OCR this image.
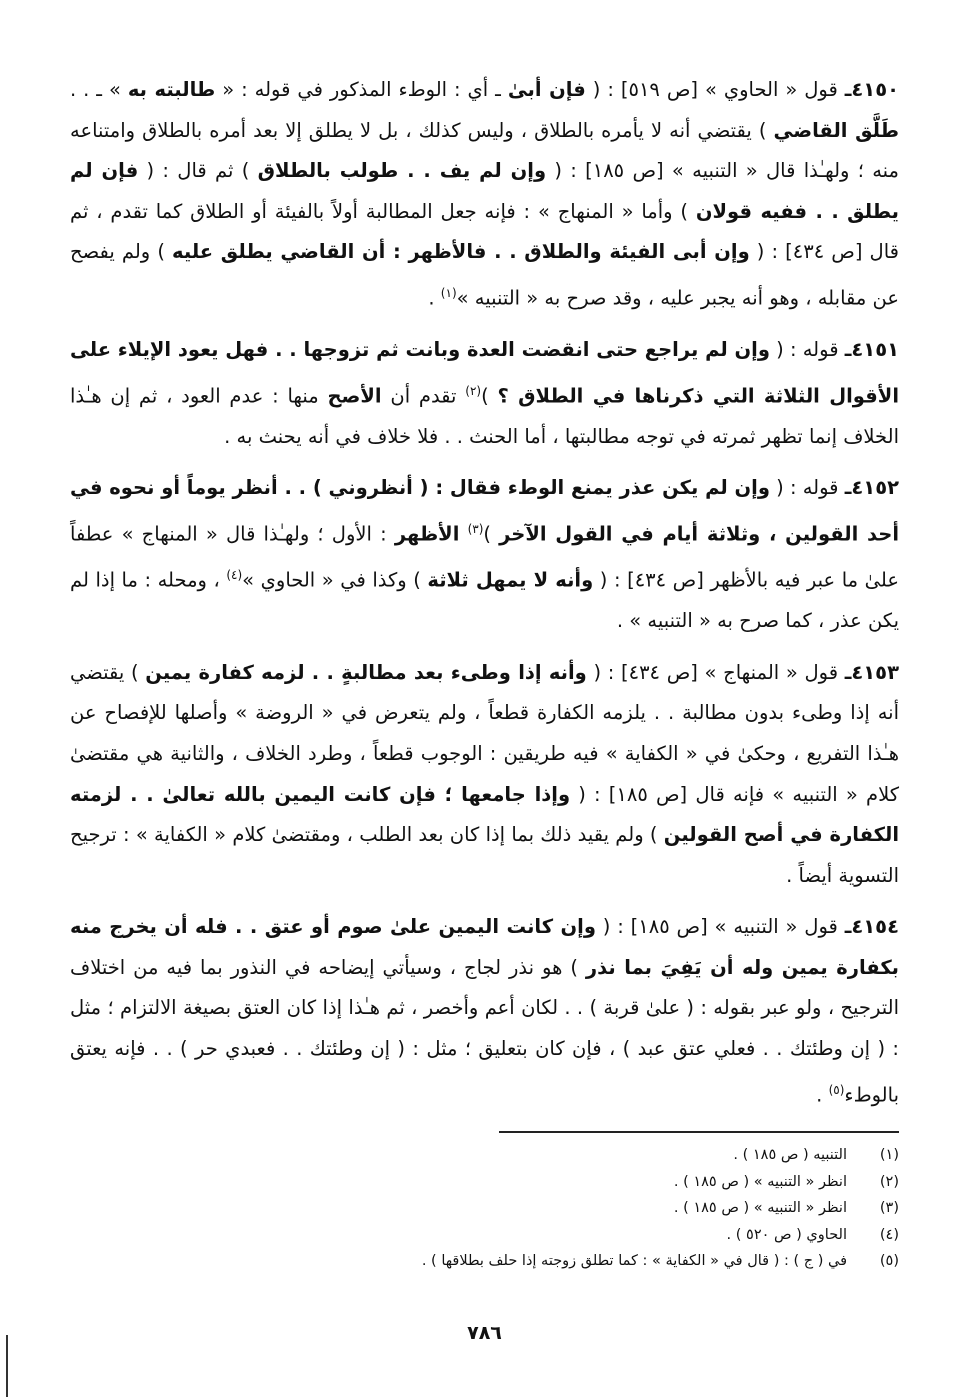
٤١٥٠ـ قول « الحاوي » [ص ٥١٩] : ( فإن أبىٰ ـ أي : الوطء المذكور في قوله : « طالبته به » ـ . . طَلَّق القاضي ) يقتضي أنه لا يأمره بالطلاق ، وليس كذلك ، بل لا يطلق إلا بعد أمره بالطلاق وامتناعه منه ؛ ولهـٰذا قال « التنبيه » [ص ١٨٥] : ( وإن لم يف . . طولب بالطلاق ) ثم قال : ( فإن لم يطلق . . ففيه قولان ) وأما « المنهاج » : فإنه جعل المطالبة أولاً بالفيئة أو الطلاق كما تقدم ، ثم قال [ص ٤٣٤] : ( وإن أبى الفيئة والطلاق . . فالأظهر : أن القاضي يطلق عليه ) ولم يفصح عن مقابله ، وهو أنه يجبر عليه ، وقد صرح به « التنبيه »$^{(١)}$ .

٤١٥١ـ قوله : ( وإن لم يراجع حتى انقضت العدة وبانت ثم تزوجها . . فهل يعود الإيلاء على الأقوال الثلاثة التي ذكرناها في الطلاق ؟ )$^{(٢)}$ تقدم أن الأصح منها : عدم العود ، ثم إن هـٰذا الخلاف إنما تظهر ثمرته في توجه مطالبتها ، أما الحنث . . فلا خلاف في أنه يحنث به .

٤١٥٢ـ قوله : ( وإن لم يكن عذر يمنع الوطء فقال : ( أنظروني ) . . أنظر يوماً أو نحوه في أحد القولين ، وثلاثة أيام في القول الآخر )$^{(٣)}$ الأظهر : الأول ؛ ولهـٰذا قال « المنهاج » عطفاً علىٰ ما عبر فيه بالأظهر [ص ٤٣٤] : ( وأنه لا يمهل ثلاثة ) وكذا في « الحاوي »$^{(٤)}$ ، ومحله : ما إذا لم يكن عذر ، كما صرح به « التنبيه » .

٤١٥٣ـ قول « المنهاج » [ص ٤٣٤] : ( وأنه إذا وطىء بعد مطالبةٍ . . لزمه كفارة يمين ) يقتضي أنه إذا وطىء بدون مطالبة . . يلزمه الكفارة قطعاً ، ولم يتعرض في « الروضة » وأصلها للإفصاح عن هـٰذا التفريع ، وحكىٰ في « الكفاية » فيه طريقين : الوجوب قطعاً ، وطرد الخلاف ، والثانية هي مقتضىٰ كلام « التنبيه » فإنه قال [ص ١٨٥] : ( وإذا جامعها ؛ فإن كانت اليمين بالله تعالىٰ . . لزمته الكفارة في أصح القولين ) ولم يقيد ذلك بما إذا كان بعد الطلب ، ومقتضىٰ كلام « الكفاية » : ترجيح التسوية أيضاً .

٤١٥٤ـ قول « التنبيه » [ص ١٨٥] : ( وإن كانت اليمين علىٰ صوم أو عتق . . فله أن يخرج منه بكفارة يمين وله أن يَفِيَ بما نذر ) هو نذر لجاج ، وسيأتي إيضاحه في النذور بما فيه من اختلاف الترجيح ، ولو عبر بقوله : ( علىٰ قربة ) . . لكان أعم وأخصر ، ثم هـٰذا إذا كان العتق بصيغة الالتزام ؛ مثل : ( إن وطئتك . . فعلي عتق عبد ) ، فإن كان بتعليق ؛ مثل : ( إن وطئتك . . فعبدي حر ) . . فإنه يعتق بالوطء$^{(٥)}$ .

(١)
التنبيه ( ص ١٨٥ ) .
(٢)
انظر « التنبيه » ( ص ١٨٥ ) .
(٣)
انظر « التنبيه » ( ص ١٨٥ ) .
(٤)
الحاوي ( ص ٥٢٠ ) .
(٥)
في ( ج ) : ( قال في « الكفاية » : كما تطلق زوجته إذا حلف بطلاقها ) .
٧٨٦
